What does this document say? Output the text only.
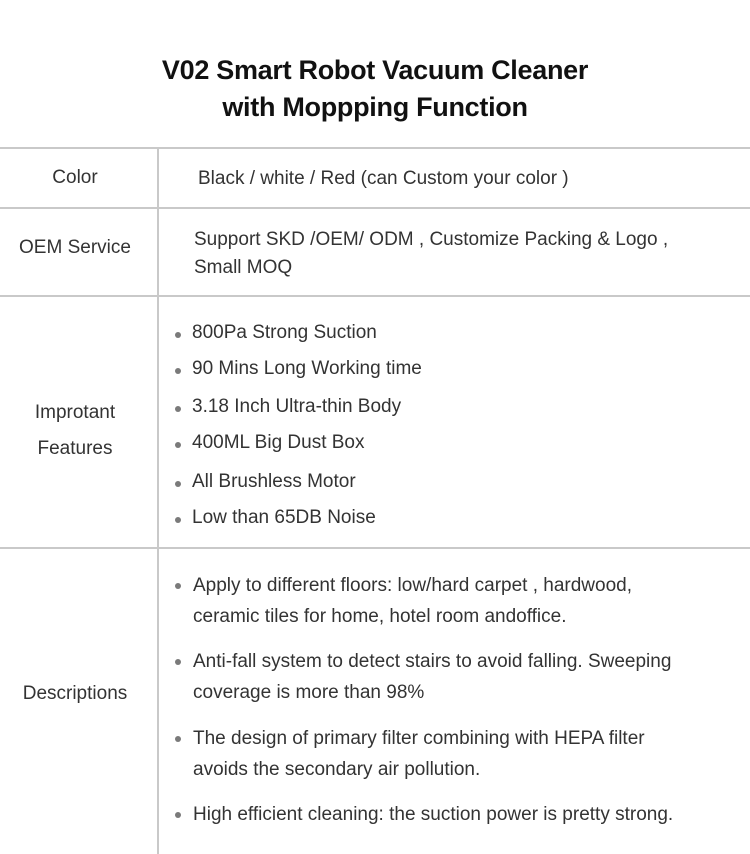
V02 Smart Robot Vacuum Cleaner
with Moppping Function
Color	Black / white / Red (can Custom your color )
OEM Service	Support SKD /OEM/ ODM , Customize Packing & Logo ,
Small MOQ
Improtant
Features
800Pa Strong Suction
90 Mins Long Working time
3.18 Inch Ultra-thin Body
400ML Big Dust Box
All Brushless Motor
Low than 65DB Noise
Descriptions
Apply to different floors: low/hard carpet , hardwood,
ceramic tiles for home, hotel room andoffice.
Anti-fall system to detect stairs to avoid falling. Sweeping
coverage is more than 98%
The design of primary filter combining with HEPA filter
avoids the secondary air pollution.
High efficient cleaning: the suction power is pretty strong.
